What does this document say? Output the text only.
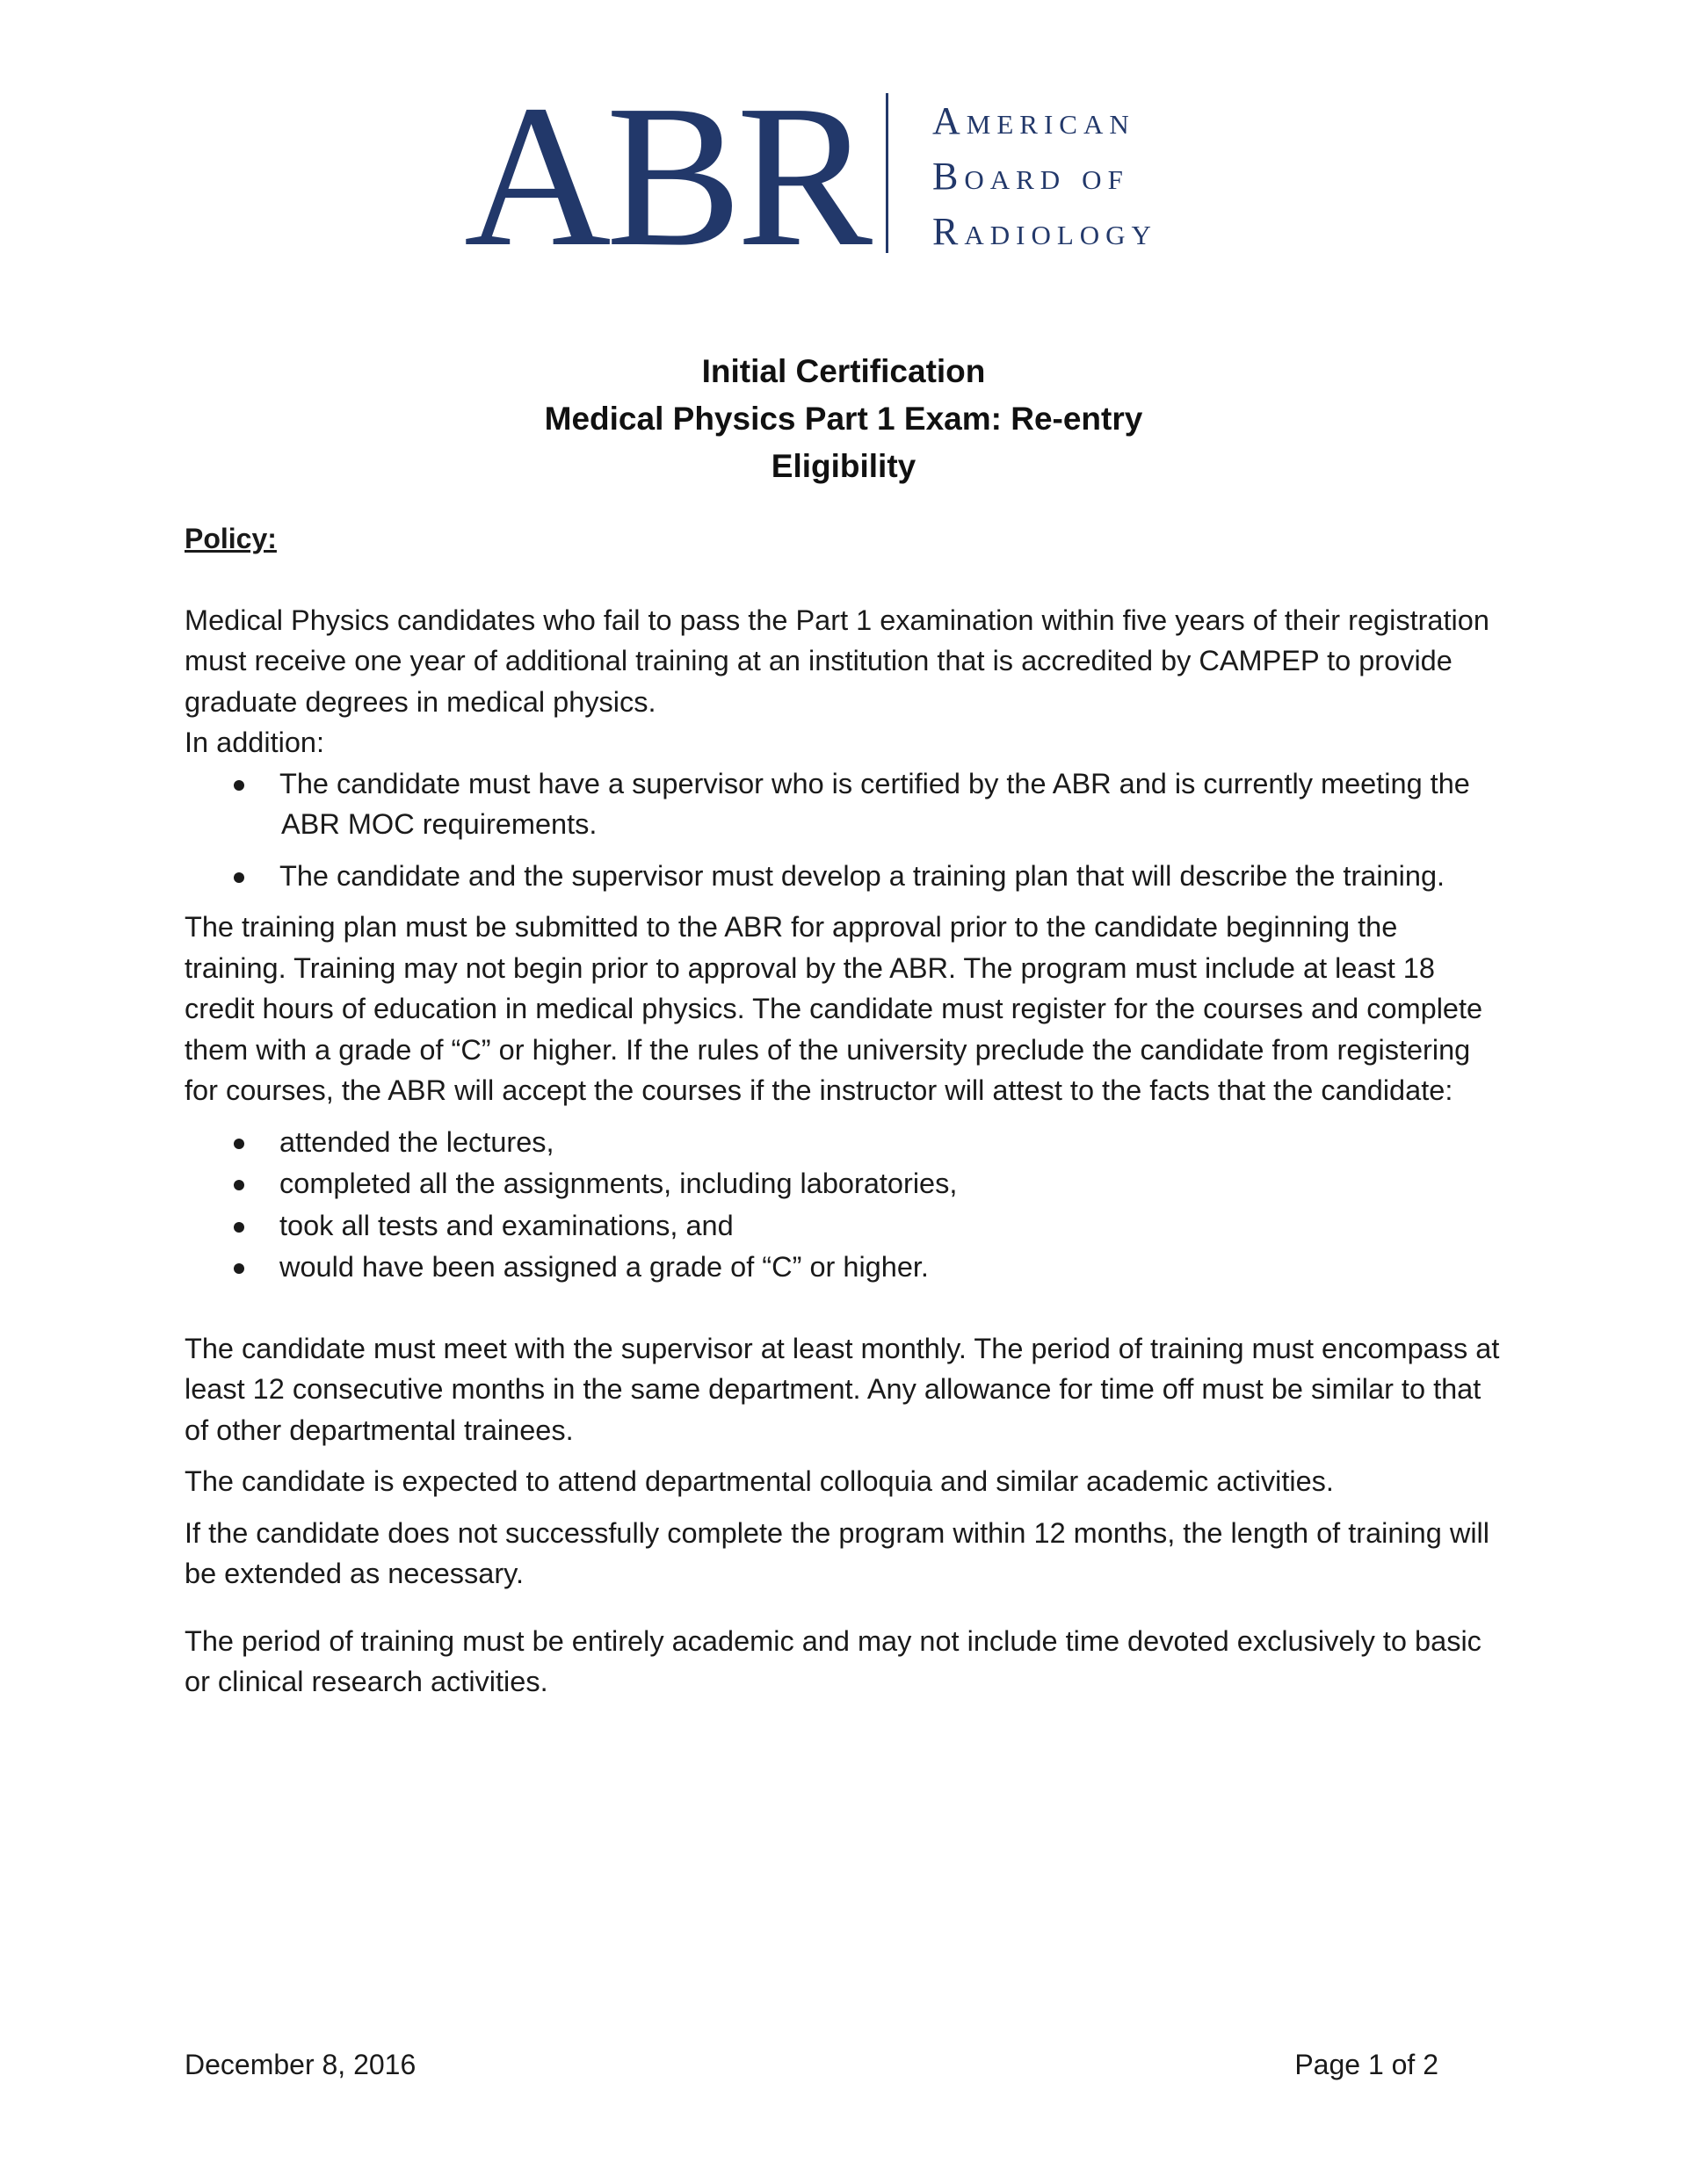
ABR American
Board of
Radiology
Initial Certification
Medical Physics Part 1 Exam: Re-entry
Eligibility

Policy:

Medical Physics candidates who fail to pass the Part 1 examination within five years of their registration must receive one year of additional training at an institution that is accredited by CAMPEP to provide graduate degrees in medical physics.

In addition:

The candidate must have a supervisor who is certified by the ABR and is currently meeting the ABR MOC requirements.
The candidate and the supervisor must develop a training plan that will describe the training.

The training plan must be submitted to the ABR for approval prior to the candidate beginning the training. Training may not begin prior to approval by the ABR. The program must include at least 18 credit hours of education in medical physics. The candidate must register for the courses and complete them with a grade of “C” or higher. If the rules of the university preclude the candidate from registering for courses, the ABR will accept the courses if the instructor will attest to the facts that the candidate:

attended the lectures,
completed all the assignments, including laboratories,
took all tests and examinations, and
would have been assigned a grade of “C” or higher.

The candidate must meet with the supervisor at least monthly. The period of training must encompass at least 12 consecutive months in the same department. Any allowance for time off must be similar to that of other departmental trainees.

The candidate is expected to attend departmental colloquia and similar academic activities.

If the candidate does not successfully complete the program within 12 months, the length of training will be extended as necessary.

The period of training must be entirely academic and may not include time devoted exclusively to basic or clinical research activities.

December 8, 2016	Page 1 of 2
